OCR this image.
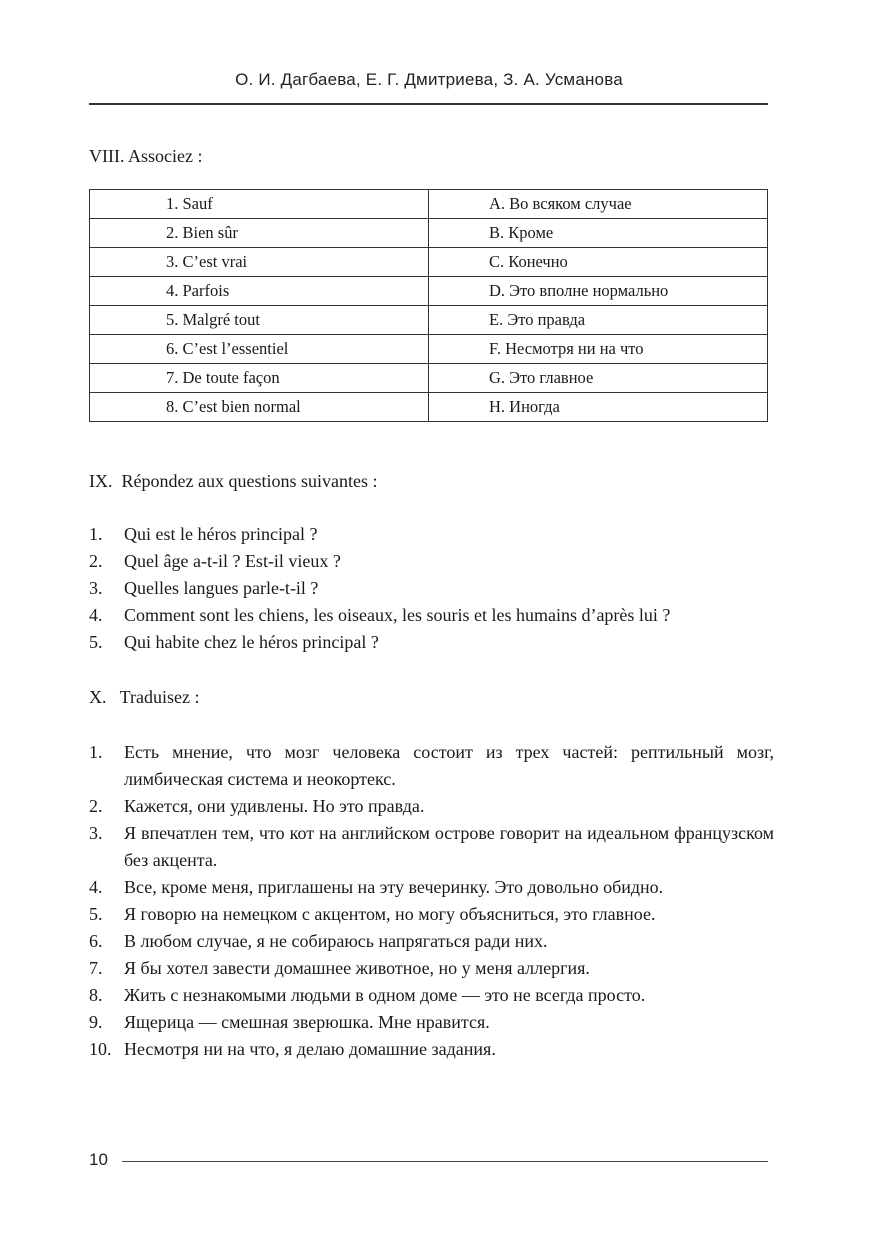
О. И. Дагбаева, Е. Г. Дмитриева, З. А. Усманова
VIII. Associez :
1. Sauf	A. Во всяком случае
2. Bien sûr	B. Кроме
3. C’est vrai	C. Конечно
4. Parfois	D. Это вполне нормально
5. Malgré tout	E. Это правда
6. C’est l’essentiel	F. Несмотря ни на что
7. De toute façon	G. Это главное
8. C’est bien normal	H. Иногда
IX.  Répondez aux questions suivantes :
1. Qui est le héros principal ?
2. Quel âge a-t-il ? Est-il vieux ?
3. Quelles langues parle-t-il ?
4. Comment sont les chiens, les oiseaux, les souris et les humains d’après lui ?
5. Qui habite chez le héros principal ?
X.   Traduisez :
1. Есть мнение, что мозг человека состоит из трех частей: рептильный мозг, лимбическая система и неокортекс.
2. Кажется, они удивлены. Но это правда.
3. Я впечатлен тем, что кот на английском острове говорит на идеальном французском без акцента.
4. Все, кроме меня, приглашены на эту вечеринку. Это довольно обидно.
5. Я говорю на немецком с акцентом, но могу объясниться, это главное.
6. В любом случае, я не собираюсь напрягаться ради них.
7. Я бы хотел завести домашнее животное, но у меня аллергия.
8. Жить с незнакомыми людьми в одном доме — это не всегда просто.
9. Ящерица — смешная зверюшка. Мне нравится.
10. Несмотря ни на что, я делаю домашние задания.
10
